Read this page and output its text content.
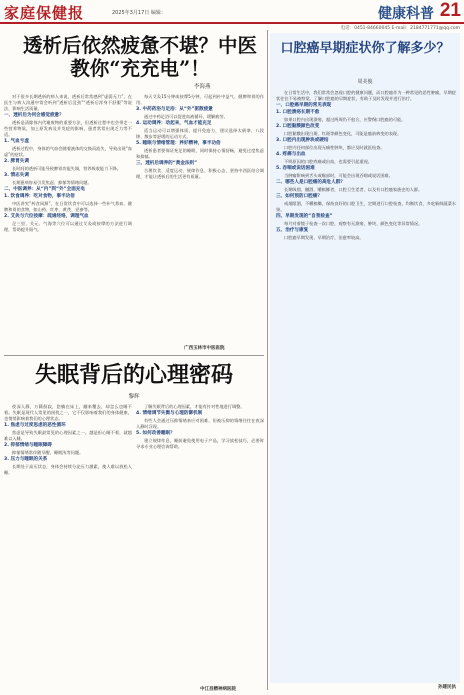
家庭保健报	2025年3月17日 编辑：	健康科普 21
电话：0451-84660045 E-mail：2184771771@qq.com
透析后依然疲惫不堪？中医教你“充充电”！
李海燕

对于很多长期透析的病人来说，透析后常常感到“虚弱无力”，在医生与病人沟通中常会听到“透析后没劲”“透析后浑身不舒服”等说法，影响生活质量。

一、透析后为何会感觉疲惫？

透析是清除体内代谢废物的重要方法，但透析过程中也会带走一些营养物质，加上原发病及并发症的影响，患者常常出现乏力等不适。

1. 气血亏虚

透析过程中，身体的气血会随着液体的交换而流失，导致出现“血虚”的症状。

2. 脾胃失调

长时间的透析可能导致脾胃功能失调，营养吸收能力下降。

3. 情志失调

长期患病容易引发焦虑、抑郁等情绪问题。

二、中医调养：从“内”到“外”全面充电
1. 饮食调养：吃对食物，事半功倍

中医讲究“药食同源”，在日常饮食中可以选择一些补气养血、健脾和胃的食物，如山药、红枣、黄芪、党参等。

2. 艾灸与穴位按摩：疏通经络，调理气血

足三里、关元、气海等穴位可以通过艾灸或按摩的方法进行调理，帮助提升阳气。

每天艾灸15分钟或按摩5分钟，可起到补中益气、健脾和胃的作用。

3. 中药药浴与足浴：从“外”驱散疲惫

通过中药足浴可以促进血液循环，缓解疲劳。

4. 运动调养：动起来，气血才能充足

适当运动可以增强体质、提升免疫力，建议选择太极拳、八段锦、散步等舒缓的运动方式。

5. 睡眠与情绪管理：养好精神，事半功倍

透析患者要保证充足的睡眠，同时保持心情舒畅，避免过度焦虑和抑郁。

三、透析后调养的“黄金法则”

合理饮食、适度运动、规律作息、积极心态，坚持中西医结合调理，才能让透析后的生活更有质量。

广西玉林市中医医院
口腔癌早期症状你了解多少？
周美俊

在日常生活中，我们常常会忽视口腔的健康问题，而口腔癌作为一种常见的恶性肿瘤，早期症状往往不易被察觉。了解口腔癌的早期症状，有助于及时发现并进行治疗。

一、口腔癌早期的常见表现
1. 口腔溃疡长期不愈

如果口腔内出现溃疡，超过两周仍不愈合，应警惕口腔癌的可能。

2. 口腔黏膜颜色改变

口腔黏膜出现白斑、红斑等颜色变化，可能是癌前病变的表现。

3. 口腔内出现肿块或硬结

口腔内任何部位出现无痛性肿块，都应及时就医检查。

4. 疼痛与出血

不明原因的口腔疼痛或出血，也需要引起重视。

5. 吞咽或说话困难

当肿瘤影响到舌头或喉部时，可能会出现吞咽或说话困难。

二、哪些人是口腔癌的高危人群？

长期吸烟、酗酒、嚼槟榔者，口腔卫生差者，以及有口腔癌家族史的人群。

三、如何预防口腔癌？

戒烟限酒，不嚼槟榔，保持良好的口腔卫生，定期进行口腔检查，均衡饮食，多吃新鲜蔬菜水果。

四、早期发现的“自我检查”

每月对着镜子检查一次口腔，观察有无溃疡、肿块、颜色变化等异常情况。

五、治疗与康复

口腔癌早期发现、早期治疗，治愈率较高。

孙建民执
失眠背后的心理密码
黎辉

夜深人静，万籁俱寂，您躺在床上，翻来覆去，却怎么也睡不着。失眠是现代人常见的困扰之一，它不仅影响着我们的身体健康，也悄悄影响着我们的心理状态。

1. 焦虑与过度思虑的恶性循环

焦虑是导致失眠最常见的心理因素之一。越是担心睡不着，就越难以入睡。

2. 抑郁情绪与睡眠障碍

抑郁情绪常伴随早醒、睡眠浅等问题。

3. 压力与睡眠的关系

长期处于高压状态，身体会持续分泌压力激素，使人难以放松入睡。

了解失眠背后的心理因素，才能有针对性地进行调整。

4. 情绪调节失衡与心理防御机制

有些人会通过压抑情绪来应对困难，但被压抑的情绪往往在夜深人静时浮现。

5. 如何改善睡眠？

建立规律作息，睡前避免使用电子产品，学习放松技巧，必要时寻求专业心理咨询帮助。

中江县精神病医院
